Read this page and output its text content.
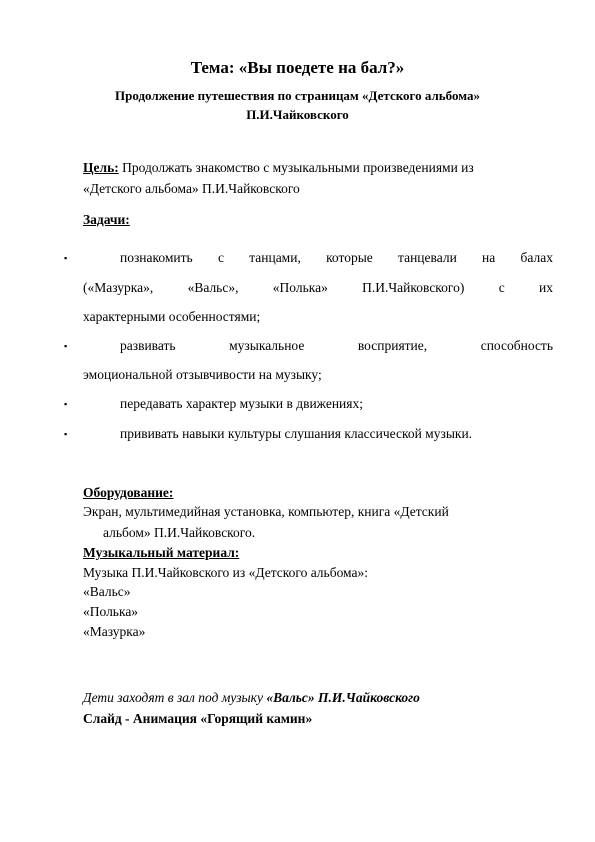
Тема: «Вы поедете на бал?»
Продолжение путешествия по страницам «Детского альбома»
П.И.Чайковского
Цель: Продолжать знакомство с музыкальными произведениями из
«Детского альбома» П.И.Чайковского
Задачи:
▪	познакомить с танцами, которые танцевали на балах
(«Мазурка»,	«Вальс»,	«Полька»	П.И.Чайковского)	с	их
характерными особенностями;
▪	развивать	музыкальное	восприятие,	способность
эмоциональной отзывчивости на музыку;
▪	передавать характер музыки в движениях;
▪	прививать навыки культуры слушания классической музыки.
Оборудование:
Экран, мультимедийная установка, компьютер, книга «Детский
альбом» П.И.Чайковского.
Музыкальный материал:
Музыка П.И.Чайковского из «Детского альбома»:
«Вальс»
«Полька»
«Мазурка»
Дети заходят в зал под музыку «Вальс» П.И.Чайковского
Слайд - Анимация «Горящий камин»
